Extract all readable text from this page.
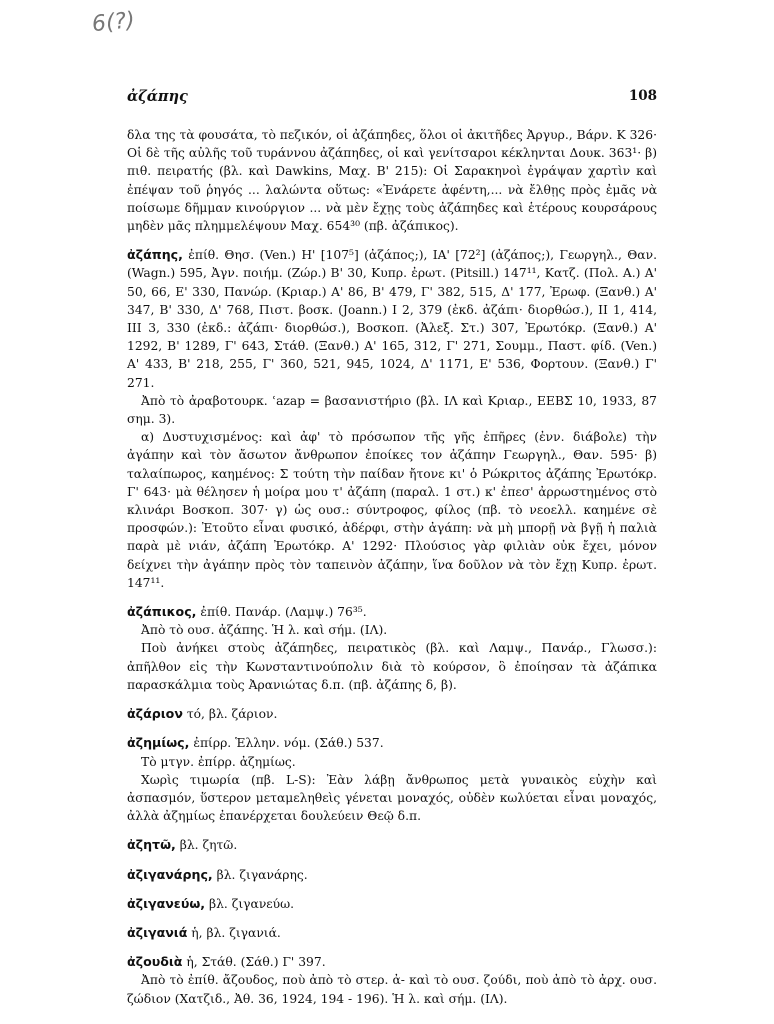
6(?)
ἀζάπης	108

δλα της τὰ φουσάτα, τὸ πεζικόν, οἱ ἀζάπηδες, ὅλοι οἱ ἀκιτῆδες Ἀργυρ., Βάρν. Κ 326· Οἱ δὲ τῆς αὐλῆς τοῦ τυράννου ἀζάπηδες, οἱ καὶ γενίτσαροι κέκληνται Δουκ. 363¹· β) πιθ. πειρατής (βλ. καὶ Dawkins, Μαχ. Β' 215): Οἱ Σαρακηνοὶ ἐγράψαν χαρτὶν καὶ ἐπέψαν τοῦ ῥηγός ... λαλώντα οὕτως: «Ἐνάρετε ἀφέντη,... νὰ ἔλθῃς πρὸς ἐμᾶς νὰ ποίσωμε δῆμμαν κινούργιον ... νὰ μὲν ἔχῃς τοὺς ἀζάπηδες καὶ ἑτέρους κουρσάρους μηδὲν μᾶς πλημμελέψουν Μαχ. 654³⁰ (πβ. ἀζάπικος).

ἀζάπης, ἐπίθ. Θησ. (Ven.) Η' [107⁵] (ἀζάπος;), ΙΑ' [72²] (ἀζάπος;), Γεωργηλ., Θαν. (Wagn.) 595, Ἀγν. ποιήμ. (Ζώρ.) Β' 30, Κυπρ. ἐρωτ. (Pitsill.) 147¹¹, Κατζ. (Πολ. Α.) Α' 50, 66, Ε' 330, Πανώρ. (Κριαρ.) Α' 86, Β' 479, Γ' 382, 515, Δ' 177, Ἐρωφ. (Ξανθ.) Α' 347, Β' 330, Δ' 768, Πιστ. βοσκ. (Joann.) Ι 2, 379 (ἐκδ. ἀζάπι· διορθώσ.), ΙΙ 1, 414, ΙΙΙ 3, 330 (ἐκδ.: ἀζάπι· διορθώσ.), Βοσκοπ. (Ἀλεξ. Στ.) 307, Ἐρωτόκρ. (Ξανθ.) Α' 1292, Β' 1289, Γ' 643, Στάθ. (Ξανθ.) Α' 165, 312, Γ' 271, Σουμμ., Παστ. φίδ. (Ven.) Α' 433, Β' 218, 255, Γ' 360, 521, 945, 1024, Δ' 1171, Ε' 536, Φορτουν. (Ξανθ.) Γ' 271.

Ἀπὸ τὸ ἀραβοτουρκ. ʿazap = βασανιστήριο (βλ. ΙΛ καὶ Κριαρ., ΕΕΒΣ 10, 1933, 87 σημ. 3).

α) Δυστυχισμένος: καὶ ἀφ' τὸ πρόσωπον τῆς γῆς ἐπῆρες (ἐνν. διάβολε) τὴν ἀγάπην καὶ τὸν ἄσωτον ἄνθρωπον ἐποίκες τον ἀζάπην Γεωργηλ., Θαν. 595· β) ταλαίπωρος, καημένος: Σ τούτη τὴν παίδαν ἤτονε κι' ὁ Ρώκριτος ἀζάπης Ἐρωτόκρ. Γ' 643· μὰ θέλησεν ἡ μοίρα μου τ' ἀζάπη (παραλ. 1 στ.) κ' ἐπεσ' ἀρρωστημένος στὸ κλινάρι Βοσκοπ. 307· γ) ὡς ουσ.: σύντροφος, φίλος (πβ. τὸ νεοελλ. καημένε σὲ προσφών.): Ἐτοῦτο εἶναι φυσικό, ἀδέρφι, στὴν ἀγάπη: νὰ μὴ μπορῇ νὰ βγῇ ἡ παλιὰ παρὰ μὲ νιάν, ἀζάπη Ἐρωτόκρ. Α' 1292· Πλούσιος γὰρ φιλιὰν οὐκ ἔχει, μόνον δείχνει τὴν ἀγάπην πρὸς τὸν ταπεινὸν ἀζάπην, ἵνα δοῦλον νὰ τὸν ἔχῃ Κυπρ. ἐρωτ. 147¹¹.

ἀζάπικος, ἐπίθ. Πανάρ. (Λαμψ.) 76³⁵.

Ἀπὸ τὸ ουσ. ἀζάπης. Ἡ λ. καὶ σήμ. (ΙΛ).

Ποὺ ἀνήκει στοὺς ἀζάπηδες, πειρατικὸς (βλ. καὶ Λαμψ., Πανάρ., Γλωσσ.): ἀπῆλθον εἰς τὴν Κωνσταντινούπολιν διὰ τὸ κούρσον, ὃ ἐποίησαν τὰ ἀζάπικα παρασκάλμια τοὺς Ἀρανιώτας δ.π. (πβ. ἀζάπης δ, β).

ἀζάριον τό, βλ. ζάριον.

ἀζημίως, ἐπίρρ. Ἑλλην. νόμ. (Σάθ.) 537.

Τὸ μτγν. ἐπίρρ. ἀζημίως.

Χωρὶς τιμωρία (πβ. L-S): Ἐὰν λάβῃ ἄνθρωπος μετὰ γυναικὸς εὐχὴν καὶ ἀσπασμόν, ὕστερον μεταμεληθεὶς γένεται μοναχός, οὐδὲν κωλύεται εἶναι μοναχός, ἀλλὰ ἀζημίως ἐπανέρχεται δουλεύειν Θεῷ δ.π.

ἀζητῶ, βλ. ζητῶ.

ἀζιγανάρης, βλ. ζιγανάρης.

ἀζιγανεύω, βλ. ζιγανεύω.

ἀζιγανιά ἡ, βλ. ζιγανιά.

ἀζουδιὰ ἡ, Στάθ. (Σάθ.) Γ' 397.

Ἀπὸ τὸ ἐπίθ. ἄζουδος, ποὺ ἀπὸ τὸ στερ. ἀ- καὶ τὸ ουσ. ζούδι, ποὺ ἀπὸ τὸ ἀρχ. ουσ. ζώδιον (Χατζιδ., Ἀθ. 36, 1924, 194 - 196). Ἡ λ. καὶ σήμ. (ΙΛ).
